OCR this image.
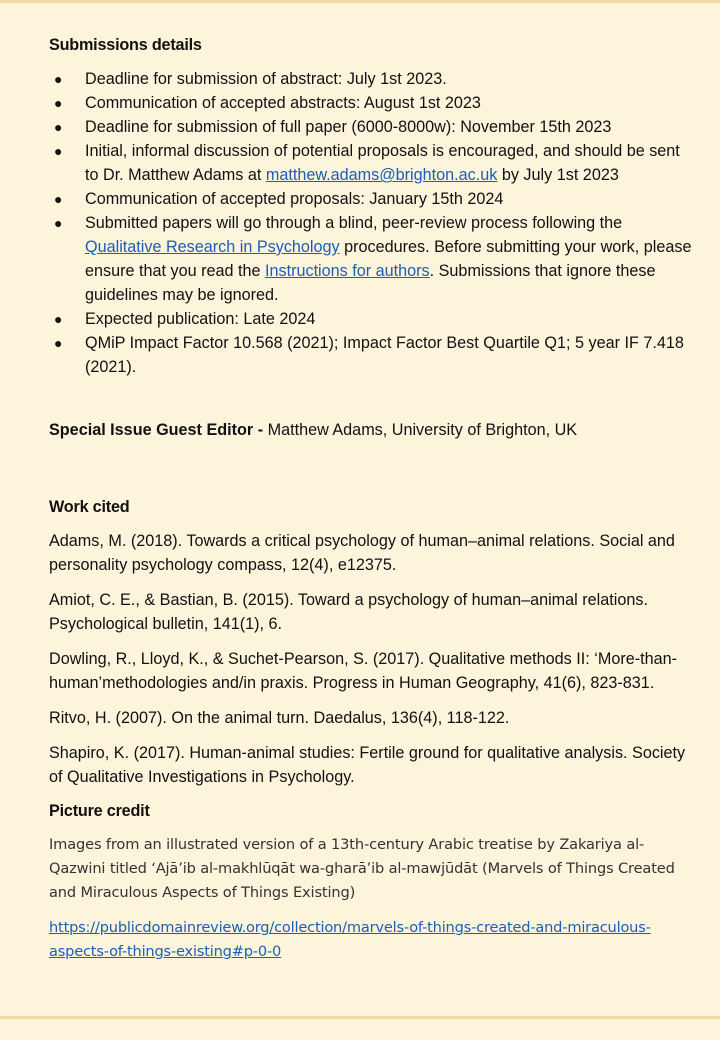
Submissions details

● Deadline for submission of abstract: July 1st 2023.
● Communication of accepted abstracts: August 1st 2023
● Deadline for submission of full paper (6000-8000w): November 15th 2023
● Initial, informal discussion of potential proposals is encouraged, and should be sent to Dr. Matthew Adams at matthew.adams@brighton.ac.uk by July 1st 2023
● Communication of accepted proposals: January 15th 2024
● Submitted papers will go through a blind, peer-review process following the Qualitative Research in Psychology procedures. Before submitting your work, please ensure that you read the Instructions for authors. Submissions that ignore these guidelines may be ignored.
● Expected publication: Late 2024
● QMiP Impact Factor 10.568 (2021); Impact Factor Best Quartile Q1; 5 year IF 7.418 (2021).

Special Issue Guest Editor - Matthew Adams, University of Brighton, UK

Work cited

Adams, M. (2018). Towards a critical psychology of human–animal relations. Social and personality psychology compass, 12(4), e12375.

Amiot, C. E., & Bastian, B. (2015). Toward a psychology of human–animal relations. Psychological bulletin, 141(1), 6.

Dowling, R., Lloyd, K., & Suchet-Pearson, S. (2017). Qualitative methods II: ‘More-than-human’methodologies and/in praxis. Progress in Human Geography, 41(6), 823-831.

Ritvo, H. (2007). On the animal turn. Daedalus, 136(4), 118-122.

Shapiro, K. (2017). Human-animal studies: Fertile ground for qualitative analysis. Society of Qualitative Investigations in Psychology.

Picture credit

Images from an illustrated version of a 13th-century Arabic treatise by Zakariya al-Qazwini titled ‘Ajā’ib al-makhlūqāt wa-gharā’ib al-mawjūdāt (Marvels of Things Created and Miraculous Aspects of Things Existing)

https://publicdomainreview.org/collection/marvels-of-things-created-and-miraculous-aspects-of-things-existing#p-0-0
